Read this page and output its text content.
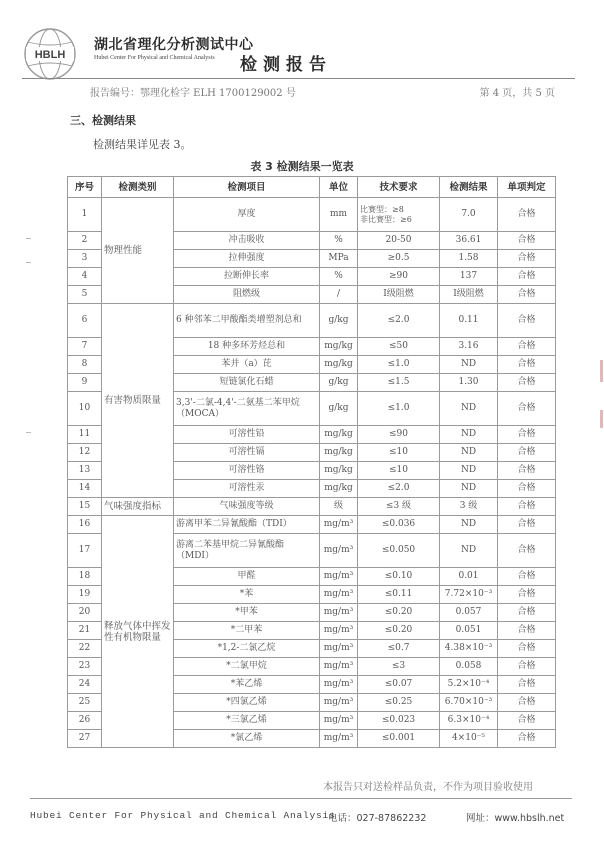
HBLH
湖北省理化分析测试中心
Hubei Center For Physical and Chemical Analysis 检测报告
报告编号：鄂理化检字 ELH 1700129002 号	第 4 页，共 5 页
三、检测结果
检测结果详见表 3。
表 3 检测结果一览表
序号	检测类别	检测项目	单位	技术要求	检测结果	单项判定
1	物理性能	厚度	mm	比赛型：≥8
非比赛型：≥6	7.0	合格
2		冲击吸收	%	20-50	36.61	合格
3		拉伸强度	MPa	≥0.5	1.58	合格
4		拉断伸长率	%	≥90	137	合格
5		阻燃级	/	Ⅰ级阻燃	Ⅰ级阻燃	合格
6	有害物质限量	6 种邻苯二甲酸酯类增塑剂总和	g/kg	≤2.0	0.11	合格
7		18 种多环芳烃总和	mg/kg	≤50	3.16	合格
8		苯并（a）芘	mg/kg	≤1.0	ND	合格
9		短链氯化石蜡	g/kg	≤1.5	1.30	合格
10		3,3'-二氯-4,4'-二氨基二苯甲烷（MOCA）	g/kg	≤1.0	ND	合格
11		可溶性铅	mg/kg	≤90	ND	合格
12		可溶性镉	mg/kg	≤10	ND	合格
13		可溶性铬	mg/kg	≤10	ND	合格
14		可溶性汞	mg/kg	≤2.0	ND	合格
15	气味强度指标	气味强度等级	级	≤3 级	3 级	合格
16	释放气体中挥发性有机物限量	游离甲苯二异氰酸酯（TDI）	mg/m³	≤0.036	ND	合格
17		游离二苯基甲烷二异氰酸酯（MDI）	mg/m³	≤0.050	ND	合格
18		甲醛	mg/m³	≤0.10	0.01	合格
19		*苯	mg/m³	≤0.11	7.72×10⁻³	合格
20		*甲苯	mg/m³	≤0.20	0.057	合格
21		*二甲苯	mg/m³	≤0.20	0.051	合格
22		*1,2-二氯乙烷	mg/m³	≤0.7	4.38×10⁻³	合格
23		*二氯甲烷	mg/m³	≤3	0.058	合格
24		*苯乙烯	mg/m³	≤0.07	5.2×10⁻⁴	合格
25		*四氯乙烯	mg/m³	≤0.25	6.70×10⁻³	合格
26		*三氯乙烯	mg/m³	≤0.023	6.3×10⁻⁴	合格
27		*氯乙烯	mg/m³	≤0.001	4×10⁻⁵	合格
本报告只对送检样品负责，不作为项目验收使用
Hubei Center For Physical and Chemical Analysis
电话：027-87862232	网址：www.hbslh.net
